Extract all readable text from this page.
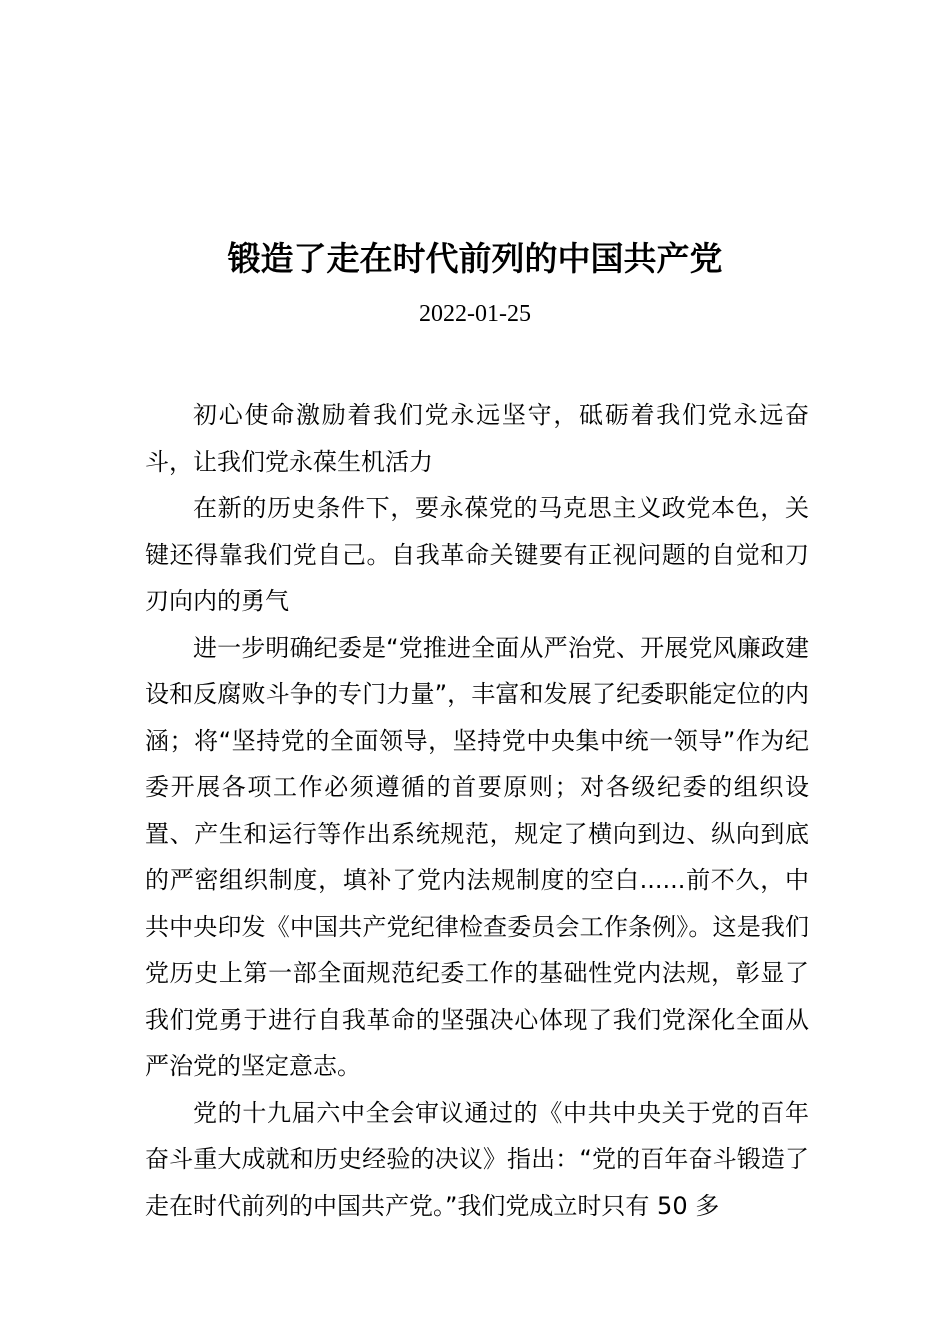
锻造了走在时代前列的中国共产党
2022-01-25

初心使命激励着我们党永远坚守，砥砺着我们党永远奋斗，让我们党永葆生机活力

在新的历史条件下，要永葆党的马克思主义政党本色，关键还得靠我们党自己。自我革命关键要有正视问题的自觉和刀刃向内的勇气

进一步明确纪委是“党推进全面从严治党、开展党风廉政建设和反腐败斗争的专门力量”，丰富和发展了纪委职能定位的内涵；将“坚持党的全面领导，坚持党中央集中统一领导”作为纪委开展各项工作必须遵循的首要原则；对各级纪委的组织设置、产生和运行等作出系统规范，规定了横向到边、纵向到底的严密组织制度，填补了党内法规制度的空白......前不久，中共中央印发《中国共产党纪律检查委员会工作条例》。这是我们党历史上第一部全面规范纪委工作的基础性党内法规，彰显了我们党勇于进行自我革命的坚强决心体现了我们党深化全面从严治党的坚定意志。

党的十九届六中全会审议通过的《中共中央关于党的百年奋斗重大成就和历史经验的决议》指出：“党的百年奋斗锻造了走在时代前列的中国共产党。”我们党成立时只有 50 多
